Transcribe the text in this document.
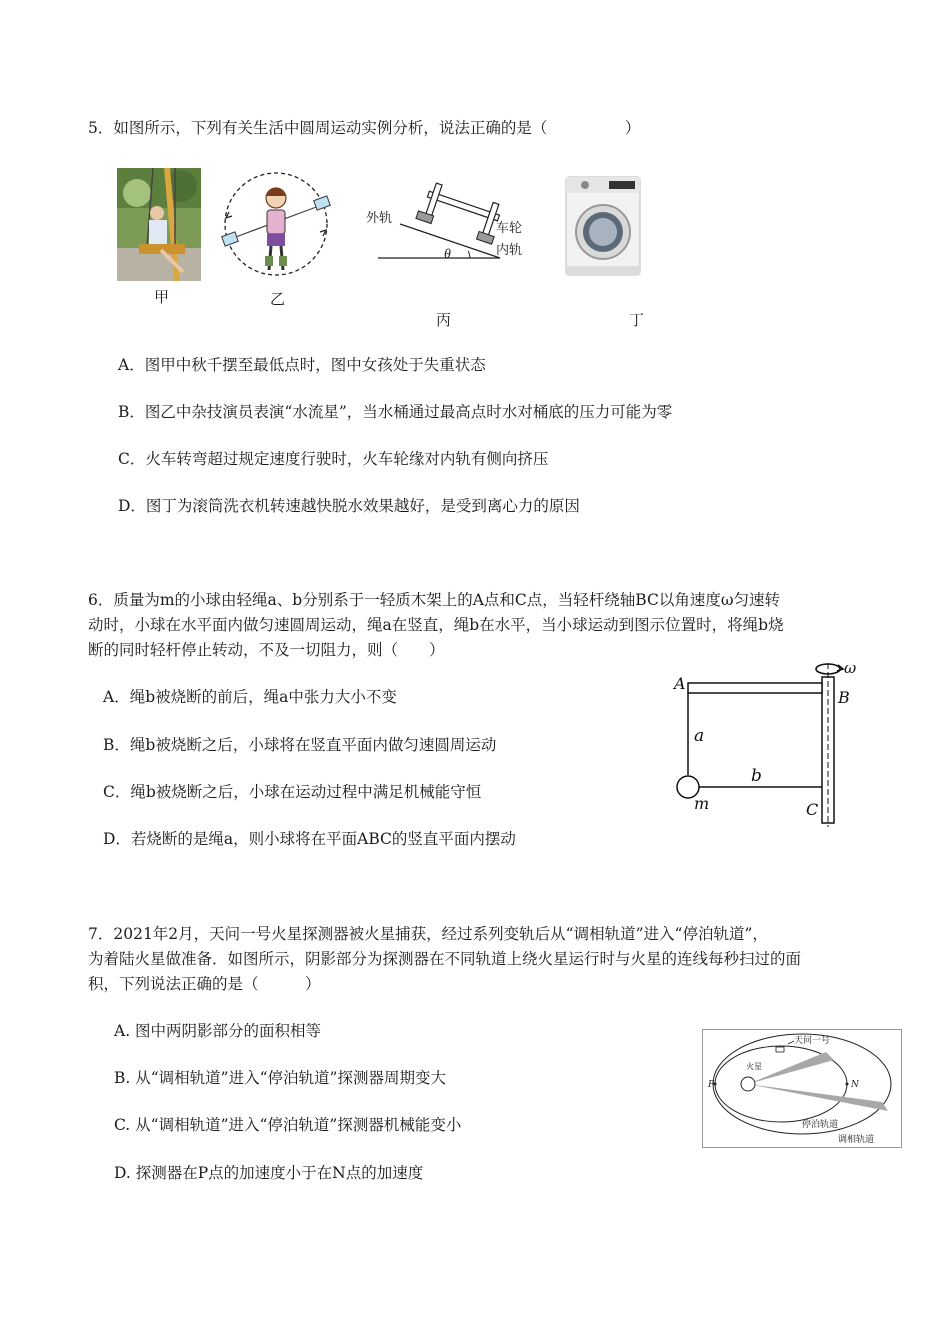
5．如图所示，下列有关生活中圆周运动实例分析，说法正确的是（　　　　　）
甲	乙
θ
外轨
车轮
内轨
丙	丁
A．图甲中秋千摆至最低点时，图中女孩处于失重状态
B．图乙中杂技演员表演“水流星”，当水桶通过最高点时水对桶底的压力可能为零
C．火车转弯超过规定速度行驶时，火车轮缘对内轨有侧向挤压
D．图丁为滚筒洗衣机转速越快脱水效果越好，是受到离心力的原因
6．质量为m的小球由轻绳a、b分别系于一轻质木架上的A点和C点，当轻杆绕轴BC以角速度ω匀速转
动时，小球在水平面内做匀速圆周运动，绳a在竖直，绳b在水平，当小球运动到图示位置时，将绳b烧
断的同时轻杆停止转动，不及一切阻力，则（　　）
A．绳b被烧断的前后，绳a中张力大小不变
B．绳b被烧断之后，小球将在竖直平面内做匀速圆周运动
C．绳b被烧断之后，小球在运动过程中满足机械能守恒
D．若烧断的是绳a，则小球将在平面ABC的竖直平面内摆动
ω
A
B
C
a
b
m
7．2021年2月，天问一号火星探测器被火星捕获，经过系列变轨后从“调相轨道”进入“停泊轨道”，
为着陆火星做准备．如图所示，阴影部分为探测器在不同轨道上绕火星运行时与火星的连线每秒扫过的面
积，下列说法正确的是（　　　）
A. 图中两阴影部分的面积相等
B. 从“调相轨道”进入“停泊轨道”探测器周期变大
C. 从“调相轨道”进入“停泊轨道”探测器机械能变小
D. 探测器在P点的加速度小于在N点的加速度
天问一号
火星
P	N
停泊轨道
调相轨道
